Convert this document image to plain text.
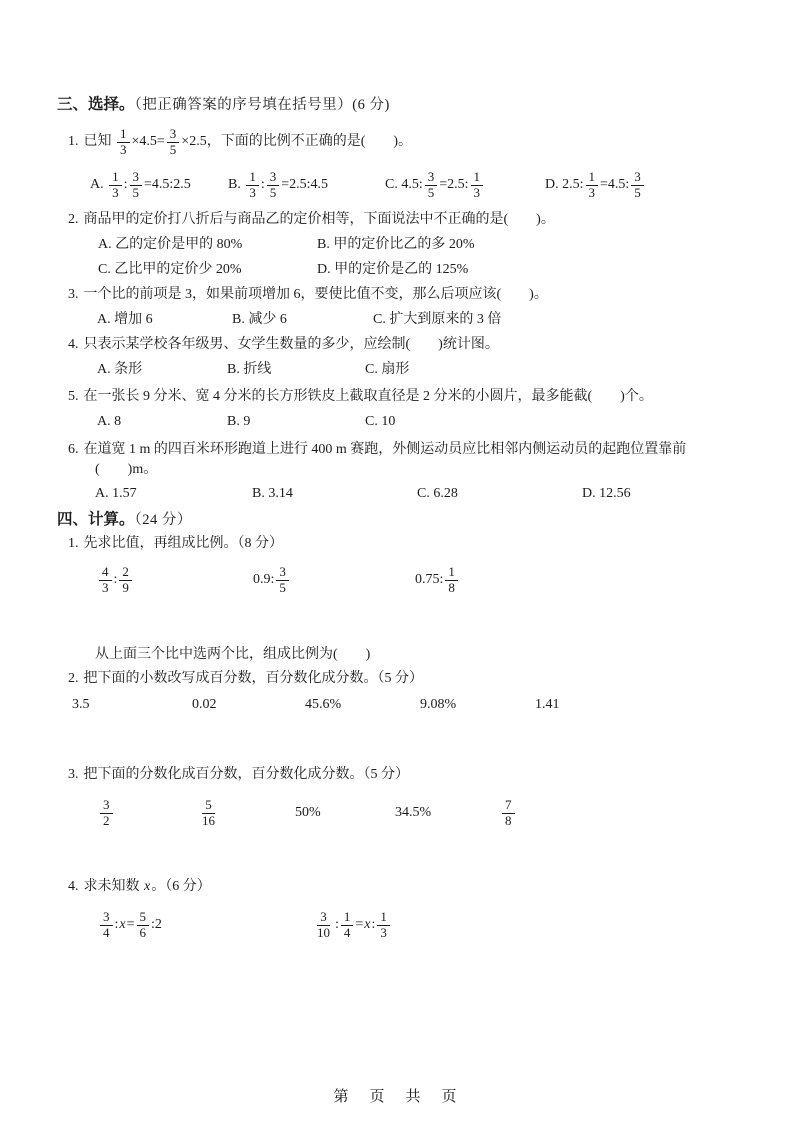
三、选择。（把正确答案的序号填在括号里）(6 分)
1. 已知 $\frac{1}{3} \times 4.5= \frac{3}{5} \times 2.5$，下面的比例不正确的是(　　)。
A. $\frac{1}{3}$ : $\frac{3}{5}$ =4.5:2.5	B. $\frac{1}{3}$ : $\frac{3}{5}$ =2.5:4.5	C. 4.5: $\frac{3}{5} =2.5$: $\frac{1}{3}$	D. 2.5: $\frac{1}{3} =4.5$: $\frac{3}{5}$
2. 商品甲的定价打八折后与商品乙的定价相等，下面说法中不正确的是(　　)。
A. 乙的定价是甲的 80%	B. 甲的定价比乙的多 20%
C. 乙比甲的定价少 20%	D. 甲的定价是乙的 125%
3. 一个比的前项是 3，如果前项增加 6，要使比值不变，那么后项应该(　　)。
A. 增加 6	B. 减少 6	C. 扩大到原来的 3 倍
4. 只表示某学校各年级男、女学生数量的多少，应绘制(　　)统计图。
A. 条形	B. 折线	C. 扇形
5. 在一张长 9 分米、宽 4 分米的长方形铁皮上截取直径是 2 分米的小圆片，最多能截(　　)个。
A. 8	B. 9	C. 10
6. 在道宽 1 m 的四百米环形跑道上进行 400 m 赛跑，外侧运动员应比相邻内侧运动员的起跑位置靠前
(　　)m。
A. 1.57	B. 3.14	C. 6.28	D. 12.56
四、计算。（24 分）
1. 先求比值，再组成比例。（8 分）
$\frac{4}{3}$ : $\frac{2}{9}$	0.9: $\frac{3}{5}$	0.75: $\frac{1}{8}$
从上面三个比中选两个比，组成比例为(　　)
2. 把下面的小数改写成百分数，百分数化成分数。（5 分）
3.5	0.02	45.6%	9.08%	1.41
3. 把下面的分数化成百分数，百分数化成分数。（5 分）
$\frac{3}{2}$	$\frac{5}{16}$	50%	34.5%	$\frac{7}{8}$
4. 求未知数 x 。（6 分）
$\frac{3}{4}$ : $x = \frac{5}{6}$ :2	$\frac{3}{10}$ : $\frac{1}{4} = x$ : $\frac{1}{3}$
第　页　共　页
